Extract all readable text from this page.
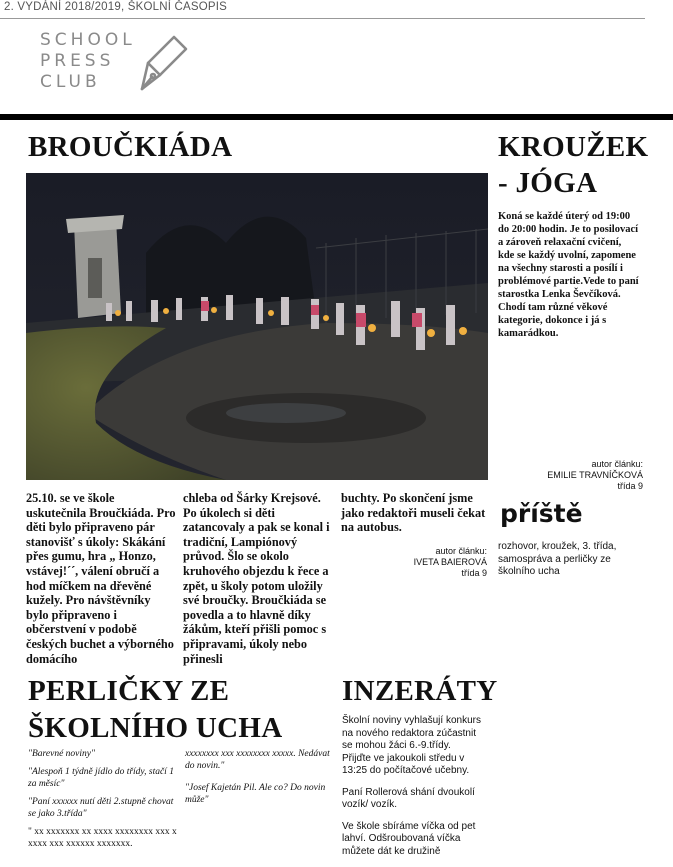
2. VYDÁNÍ 2018/2019, ŠKOLNÍ ČASOPIS
SCHOOL
PRESS
CLUB
BROUČKIÁDA
25.10. se ve škole uskutečnila Broučkiáda. Pro děti bylo připraveno pár stanovišť s úkoly: Skákání přes gumu, hra „ Honzo, vstávej!´´, válení obručí a hod míčkem na dřevěné kužely. Pro návštěvníky bylo připraveno i občerstvení v podobě českých buchet a výborného domácího
chleba od Šárky Krejsové. Po úkolech si děti zatancovaly a pak se konal i tradiční, Lampiónový průvod. Šlo se okolo kruhového objezdu k řece a zpět, u školy potom uložily své broučky. Broučkiáda se povedla a to hlavně díky žákům, kteří přišli pomoc s připravami, úkoly nebo přinesli
buchty. Po skončení jsme jako redaktoři museli čekat na autobus.
autor článku:
IVETA BAIEROVÁ
třída 9
KROUŽEK
- JÓGA
Koná se každé úterý od 19:00 do 20:00 hodin. Je to posilovací a zároveň relaxační cvičení, kde se každý uvolní, zapomene na všechny starosti a posílí i problémové partie.Vede to paní starostka Lenka Ševčíková. Chodí tam různé věkové kategorie, dokonce i já s kamarádkou.
autor článku:
EMILIE TRAVNÍČKOVÁ
třída 9
příště
rozhovor, kroužek, 3. třída, samospráva a perličky ze školního ucha
PERLIČKY ZE
ŠKOLNÍHO UCHA

"Barevné noviny"

"Alespoň 1 týdně jídlo do třídy, stačí 1 za měsíc"

"Paní xxxxxx nutí děti 2.stupně chovat se jako 3.třída"

" xx xxxxxxx xx xxxx xxxxxxxx xxx x xxxx xxx xxxxxx xxxxxxx.

xxxxxxxx xxx xxxxxxxx xxxxx. Nedávat do novin."

"Josef Kajetán Pil. Ale co? Do novin může"

INZERÁTY

Školní noviny vyhlašují konkurs na nového redaktora zúčastnit se mohou žáci 6.-9.třídy. Přijďte ve jakoukoli středu v 13:25 do počítačové učebny.

Paní Rollerová shání dvoukolí vozík/ vozík.

Ve škole sbíráme víčka od pet lahví. Odšroubovaná víčka můžete dát ke družině
